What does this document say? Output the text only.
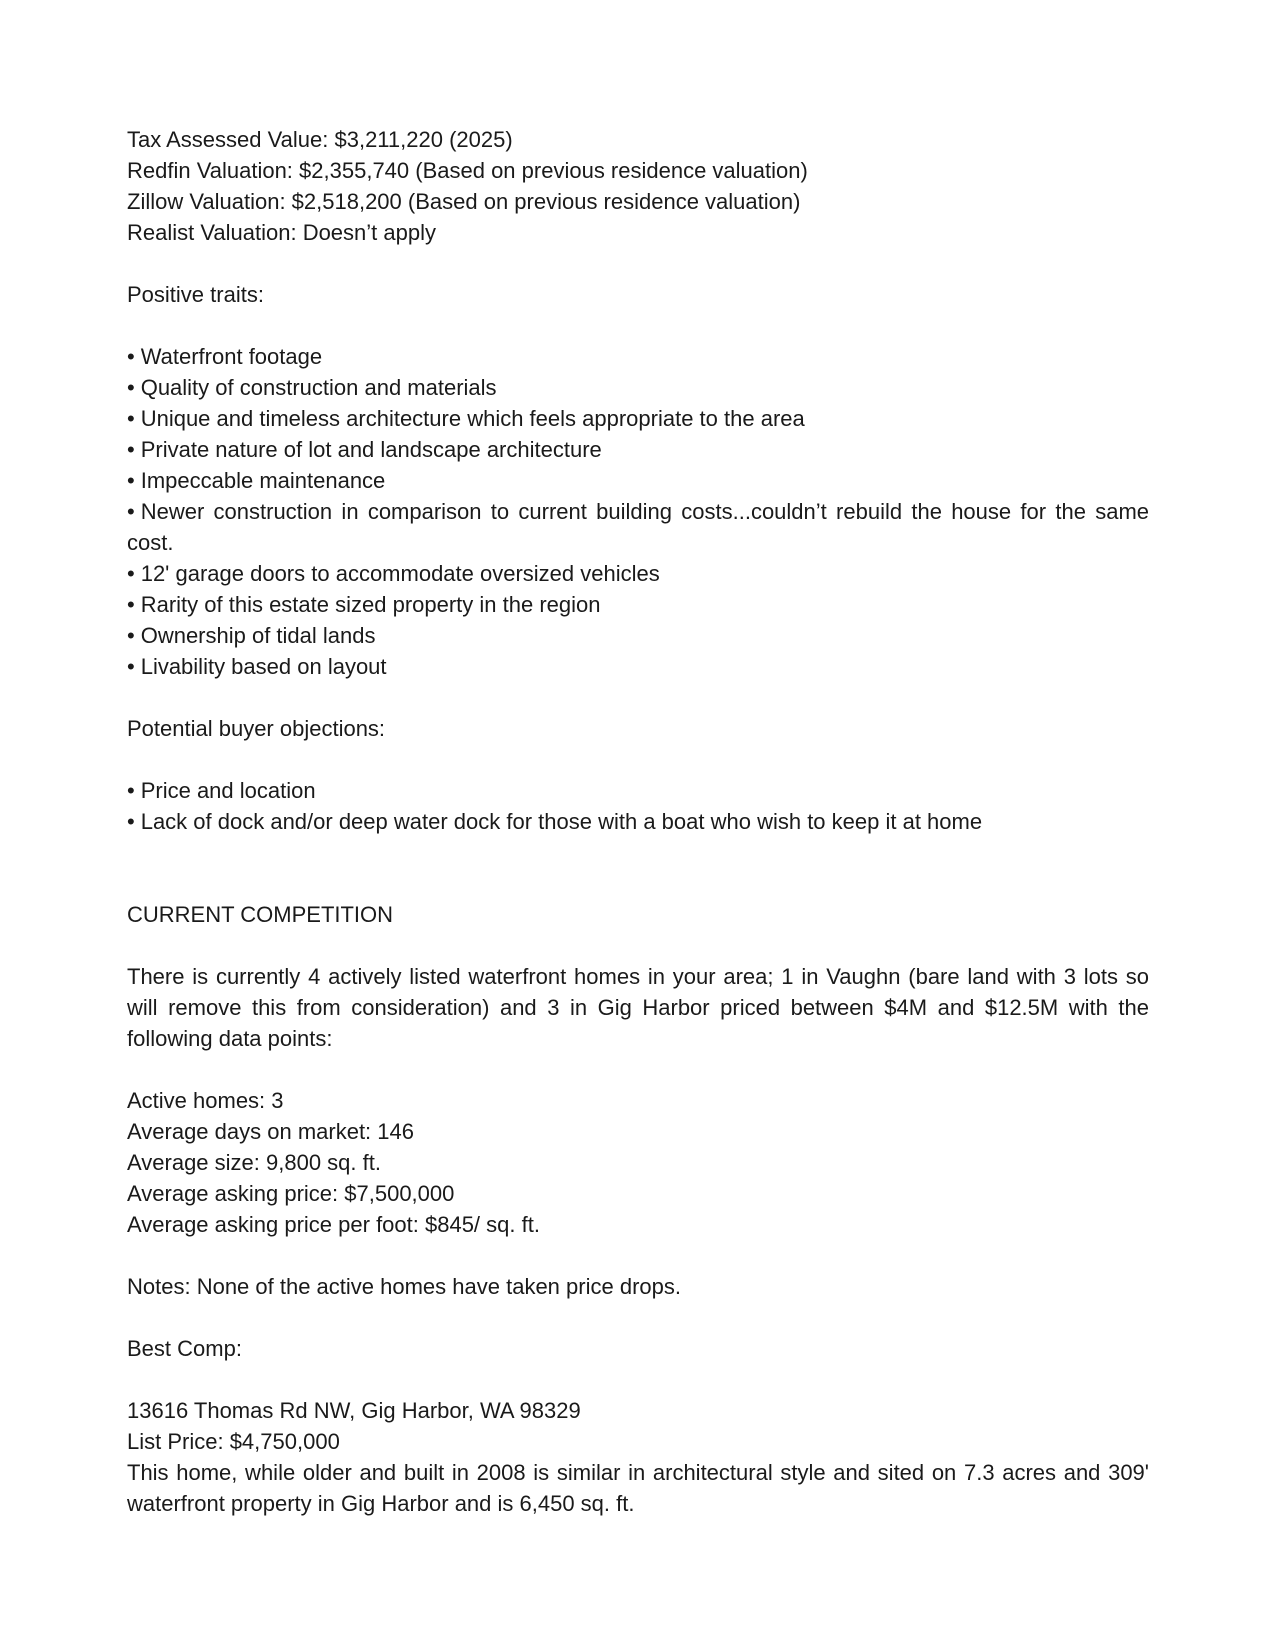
Tax Assessed Value: $3,211,220 (2025)

Redfin Valuation: $2,355,740 (Based on previous residence valuation)

Zillow Valuation: $2,518,200 (Based on previous residence valuation)

Realist Valuation: Doesn’t apply

Positive traits:

• Waterfront footage
• Quality of construction and materials
• Unique and timeless architecture which feels appropriate to the area
• Private nature of lot and landscape architecture
• Impeccable maintenance
• Newer construction in comparison to current building costs...couldn’t rebuild the house for the same cost.
• 12' garage doors to accommodate oversized vehicles
• Rarity of this estate sized property in the region
• Ownership of tidal lands
• Livability based on layout

Potential buyer objections:

• Price and location
• Lack of dock and/or deep water dock for those with a boat who wish to keep it at home

CURRENT COMPETITION

There is currently 4 actively listed waterfront homes in your area; 1 in Vaughn (bare land with 3 lots so will remove this from consideration) and 3 in Gig Harbor priced between $4M and $12.5M with the following data points:

Active homes: 3

Average days on market: 146

Average size: 9,800 sq. ft.

Average asking price: $7,500,000

Average asking price per foot: $845/ sq. ft.

Notes: None of the active homes have taken price drops.

Best Comp:

13616 Thomas Rd NW, Gig Harbor, WA 98329

List Price: $4,750,000

This home, while older and built in 2008 is similar in architectural style and sited on 7.3 acres and 309' waterfront property in Gig Harbor and is 6,450 sq. ft.
